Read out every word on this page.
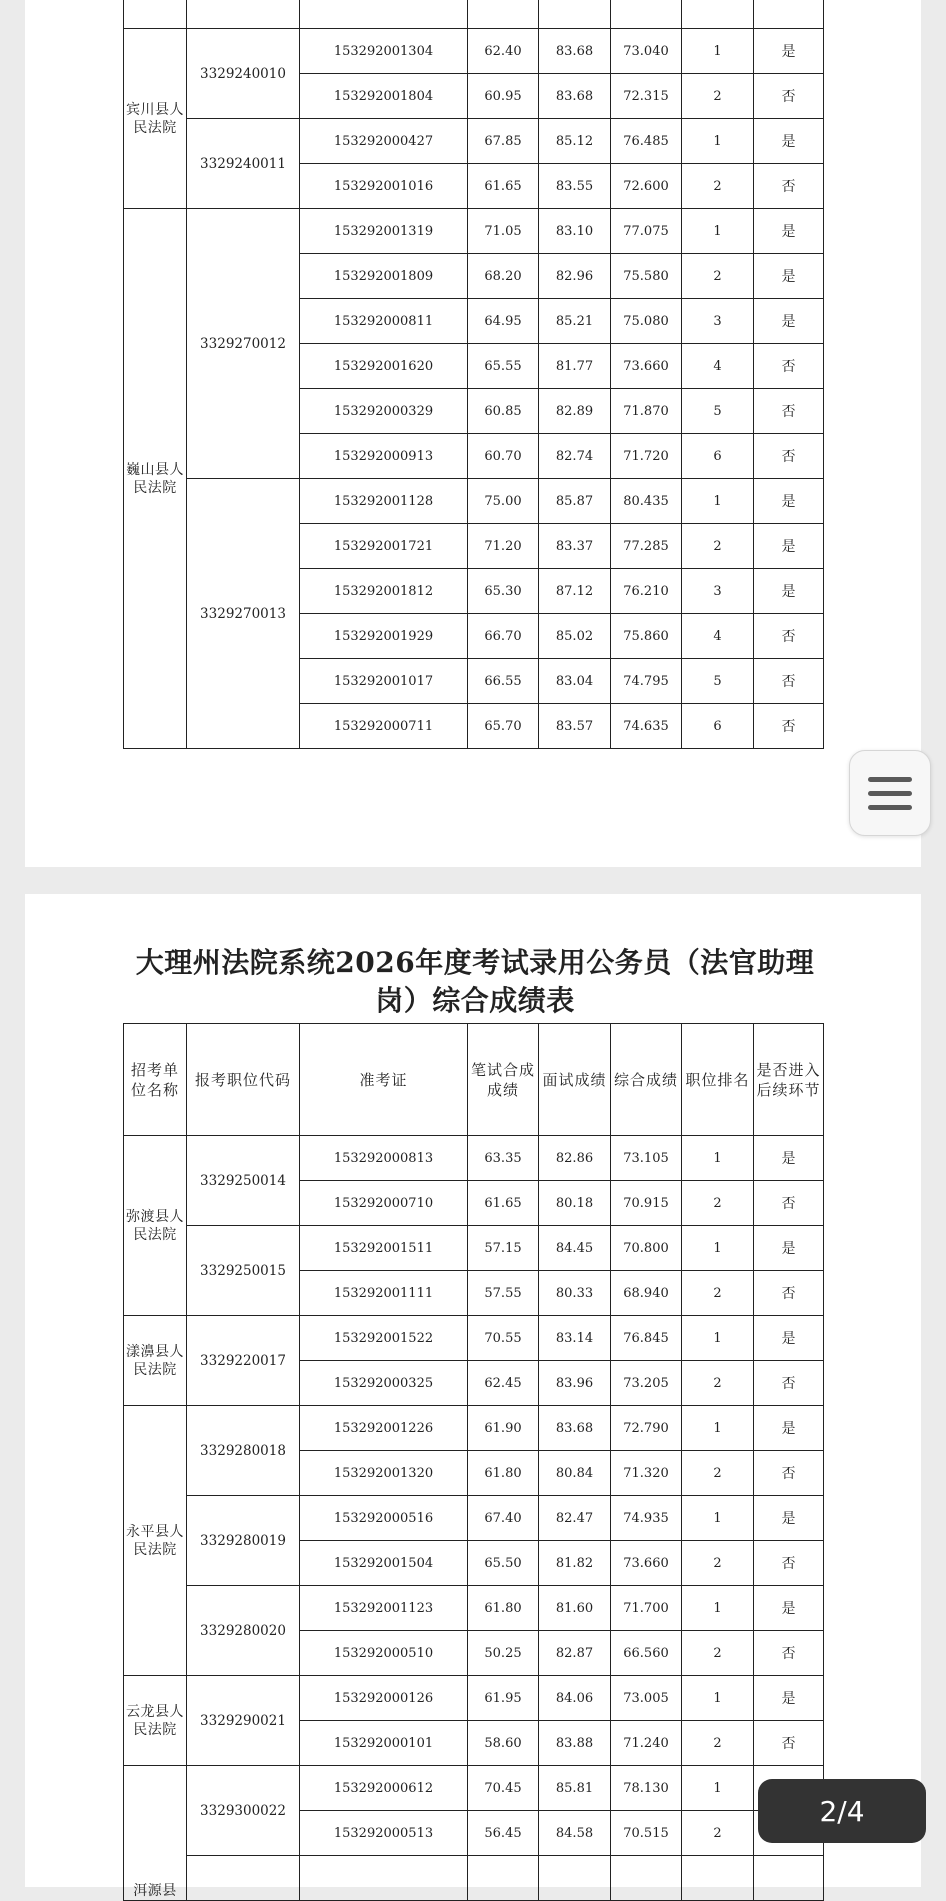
宾川县人民法院	3329240010	153292001304	62.40	83.68	73.040	1	是
		153292001804	60.95	83.68	72.315	2	否
	3329240011	153292000427	67.85	85.12	76.485	1	是
		153292001016	61.65	83.55	72.600	2	否
巍山县人民法院	3329270012	153292001319	71.05	83.10	77.075	1	是
		153292001809	68.20	82.96	75.580	2	是
		153292000811	64.95	85.21	75.080	3	是
		153292001620	65.55	81.77	73.660	4	否
		153292000329	60.85	82.89	71.870	5	否
		153292000913	60.70	82.74	71.720	6	否
	3329270013	153292001128	75.00	85.87	80.435	1	是
		153292001721	71.20	83.37	77.285	2	是
		153292001812	65.30	87.12	76.210	3	是
		153292001929	66.70	85.02	75.860	4	否
		153292001017	66.55	83.04	74.795	5	否
		153292000711	65.70	83.57	74.635	6	否
大理州法院系统2026年度考试录用公务员（法官助理岗）综合成绩表
招考单位名称	报考职位代码	准考证	笔试合成成绩	面试成绩	综合成绩	职位排名	是否进入后续环节
弥渡县人民法院	3329250014	153292000813	63.35	82.86	73.105	1	是
		153292000710	61.65	80.18	70.915	2	否
	3329250015	153292001511	57.15	84.45	70.800	1	是
		153292001111	57.55	80.33	68.940	2	否
漾濞县人民法院	3329220017	153292001522	70.55	83.14	76.845	1	是
		153292000325	62.45	83.96	73.205	2	否
永平县人民法院	3329280018	153292001226	61.90	83.68	72.790	1	是
		153292001320	61.80	80.84	71.320	2	否
	3329280019	153292000516	67.40	82.47	74.935	1	是
		153292001504	65.50	81.82	73.660	2	否
	3329280020	153292001123	61.80	81.60	71.700	1	是
		153292000510	50.25	82.87	66.560	2	否
云龙县人民法院	3329290021	153292000126	61.95	84.06	73.005	1	是
		153292000101	58.60	83.88	71.240	2	否
洱源县	3329300022	153292000612	70.45	85.81	78.130	1	
		153292000513	56.45	84.58	70.515	2	

2/4
